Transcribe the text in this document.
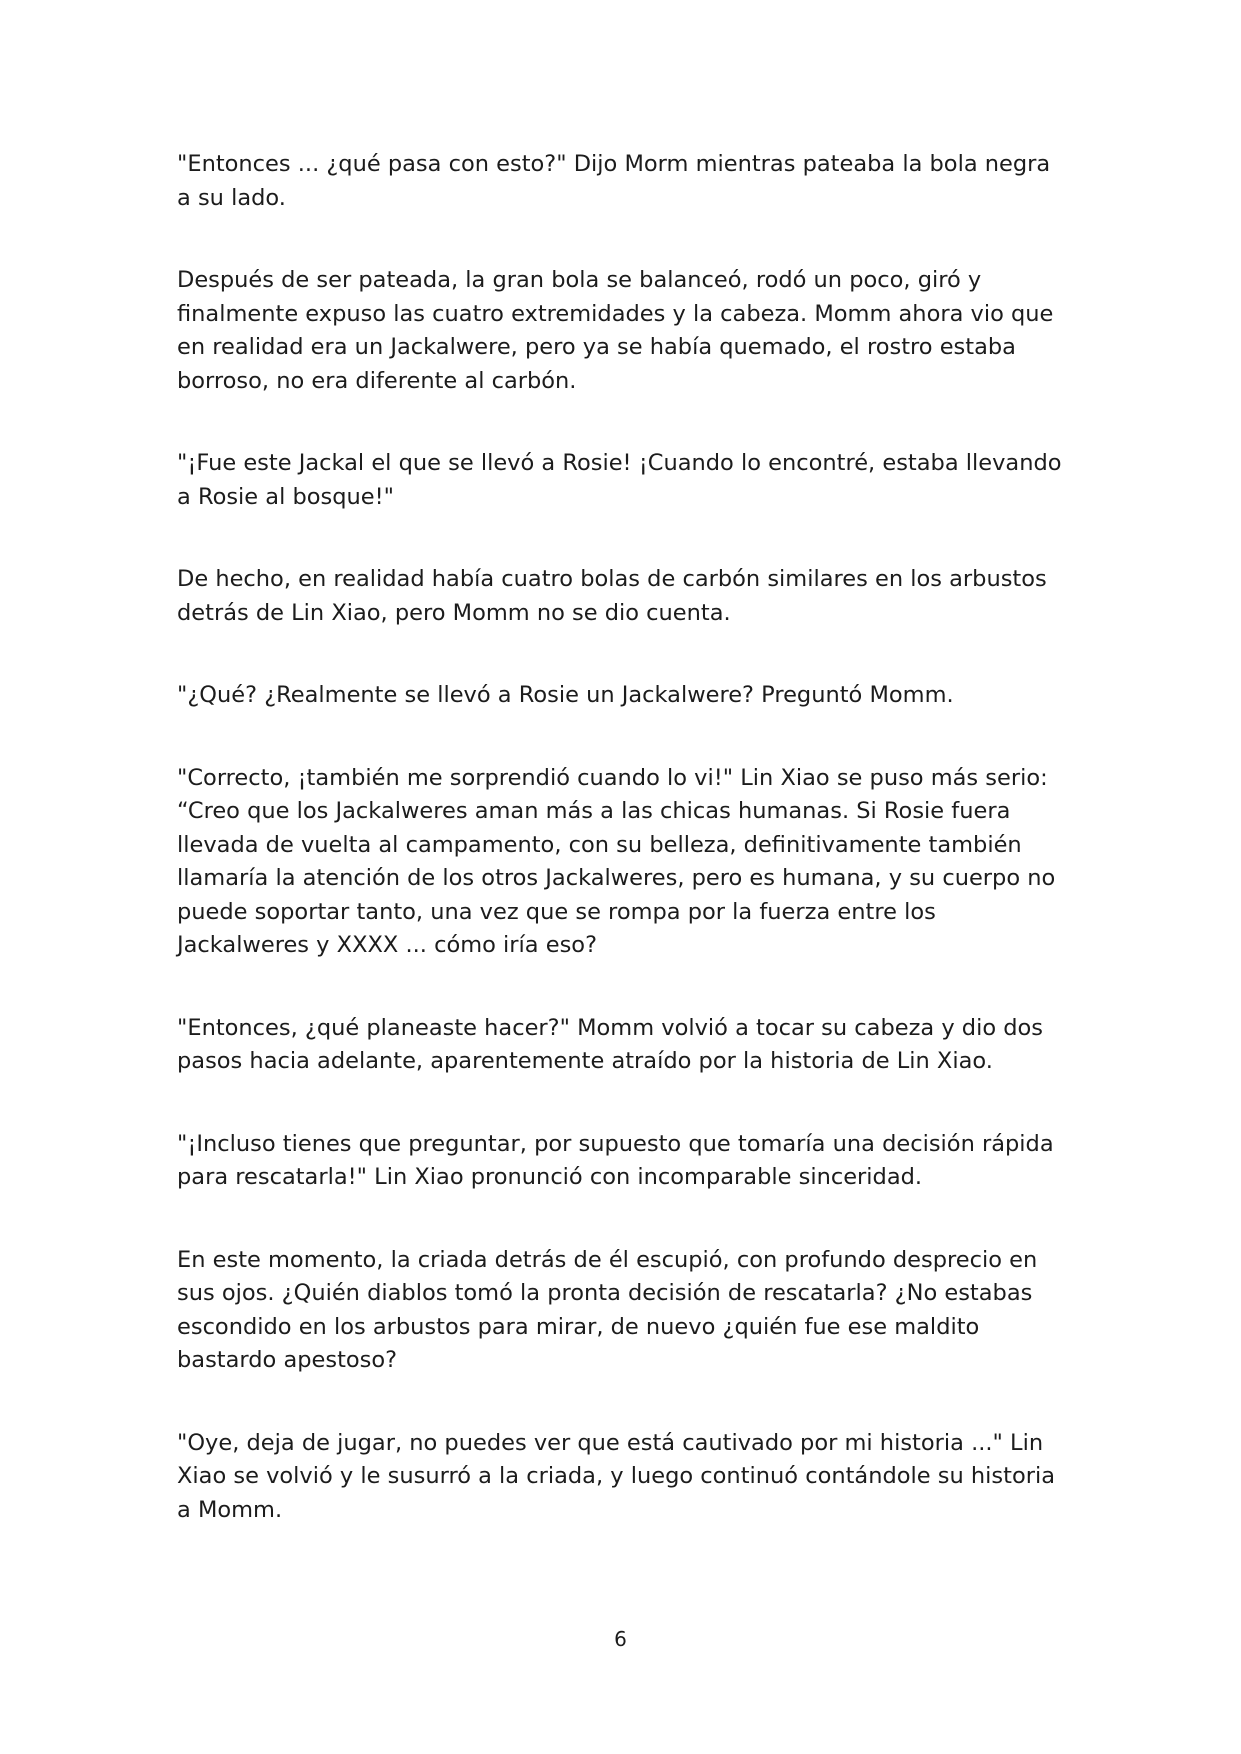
"Entonces ... ¿qué pasa con esto?" Dijo Morm mientras pateaba la bola negra a su lado.

Después de ser pateada, la gran bola se balanceó, rodó un poco, giró y finalmente expuso las cuatro extremidades y la cabeza. Momm ahora vio que en realidad era un Jackalwere, pero ya se había quemado, el rostro estaba borroso, no era diferente al carbón.

"¡Fue este Jackal el que se llevó a Rosie! ¡Cuando lo encontré, estaba llevando a Rosie al bosque!"

De hecho, en realidad había cuatro bolas de carbón similares en los arbustos detrás de Lin Xiao, pero Momm no se dio cuenta.

"¿Qué? ¿Realmente se llevó a Rosie un Jackalwere? Preguntó Momm.

"Correcto, ¡también me sorprendió cuando lo vi!" Lin Xiao se puso más serio: “Creo que los Jackalweres aman más a las chicas humanas. Si Rosie fuera llevada de vuelta al campamento, con su belleza, definitivamente también llamaría la atención de los otros Jackalweres, pero es humana, y su cuerpo no puede soportar tanto, una vez que se rompa por la fuerza entre los Jackalweres y XXXX ... cómo iría eso?

"Entonces, ¿qué planeaste hacer?" Momm volvió a tocar su cabeza y dio dos pasos hacia adelante, aparentemente atraído por la historia de Lin Xiao.

"¡Incluso tienes que preguntar, por supuesto que tomaría una decisión rápida para rescatarla!" Lin Xiao pronunció con incomparable sinceridad.

En este momento, la criada detrás de él escupió, con profundo desprecio en sus ojos. ¿Quién diablos tomó la pronta decisión de rescatarla? ¿No estabas escondido en los arbustos para mirar, de nuevo ¿quién fue ese maldito bastardo apestoso?

"Oye, deja de jugar, no puedes ver que está cautivado por mi historia ..." Lin Xiao se volvió y le susurró a la criada, y luego continuó contándole su historia a Momm.

6
